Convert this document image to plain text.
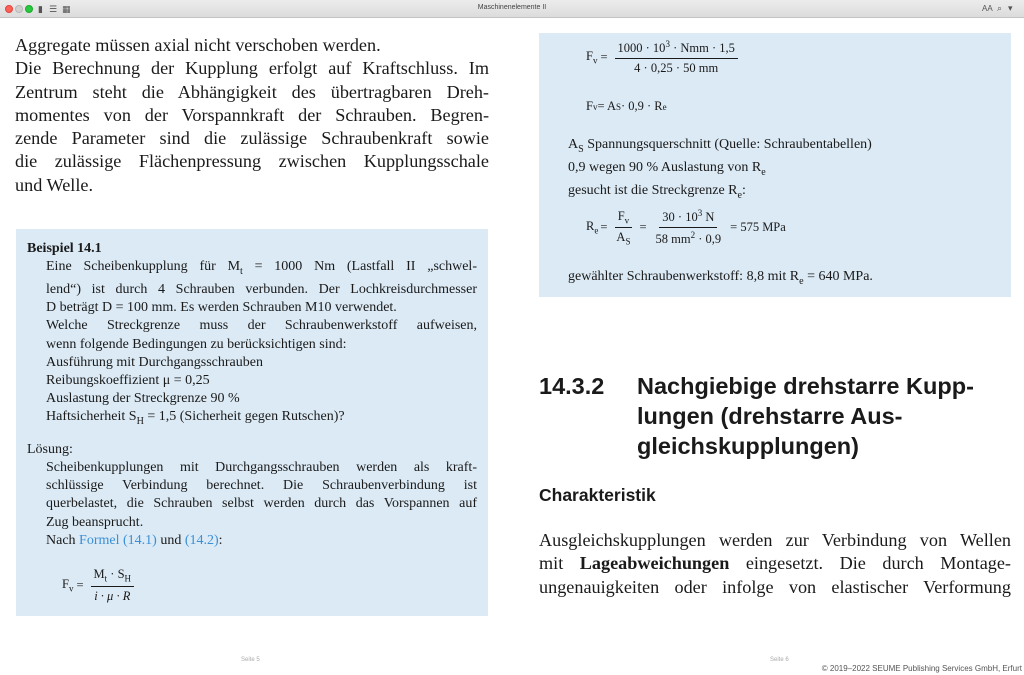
▮ ☰ ▦	Maschinenelemente II	AA ⌕ ▾
Aggregate müssen axial nicht verschoben werden.
Die Berechnung der Kupplung erfolgt auf Kraftschluss. Im
Zentrum steht die Abhängigkeit des übertragbaren Dreh-
momentes von der Vorspannkraft der Schrauben. Begren-
zende Parameter sind die zulässige Schraubenkraft sowie
die zulässige Flächenpressung zwischen Kupplungsschale
und Welle.
Beispiel 14.1
Eine Scheibenkupplung für $M_t = 1000$ Nm (Lastfall II „schwel-
lend“) ist durch 4 Schrauben verbunden. Der Lochkreisdurchmesser
D beträgt D = 100 mm. Es werden Schrauben M10 verwendet.
Welche Streckgrenze muss der Schraubenwerkstoff aufweisen,
wenn folgende Bedingungen zu berücksichtigen sind:
Ausführung mit Durchgangsschrauben
Reibungskoeffizient μ = 0,25
Auslastung der Streckgrenze 90 %
Haftsicherheit $S_H = 1,5$ (Sicherheit gegen Rutschen)?
Lösung:
Scheibenkupplungen mit Durchgangsschrauben werden als kraft-
schlüssige Verbindung berechnet. Die Schraubenverbindung ist
querbelastet, die Schrauben selbst werden durch das Vorspannen auf
Zug beansprucht.
Nach Formel (14.1) und (14.2):
$F_v = \frac{M_t \cdot S_H}{i \cdot \mu \cdot R}$
Seite 5
$F_v = \frac{1000 \cdot 10^3 \cdot Nmm \cdot 1,5}{4 \cdot 0,25 \cdot 50 mm}$
F v = A S · 0,9 · R e
$A_S$ Spannungsquerschnitt (Quelle: Schraubentabellen)
0,9 wegen 90 % Auslastung von $R_e$
gesucht ist die Streckgrenze $R_e$:
$R_e = \frac{F_v}{A_S} = \frac{30 \cdot 10^3 N}{58 mm^2 \cdot 0,9} = 575$ MPa
gewählter Schraubenwerkstoff: 8,8 mit $R_e = 640$ MPa.
14.3.2 Nachgiebige drehstarre Kupp-
lungen (drehstarre Aus-
gleichskupplungen)
Charakteristik
Ausgleichskupplungen werden zur Verbindung von Wellen
mit Lageabweichungen eingesetzt. Die durch Montage-
ungenauigkeiten oder infolge von elastischer Verformung
Seite 6
© 2019–2022 SEUME Publishing Services GmbH, Erfurt
